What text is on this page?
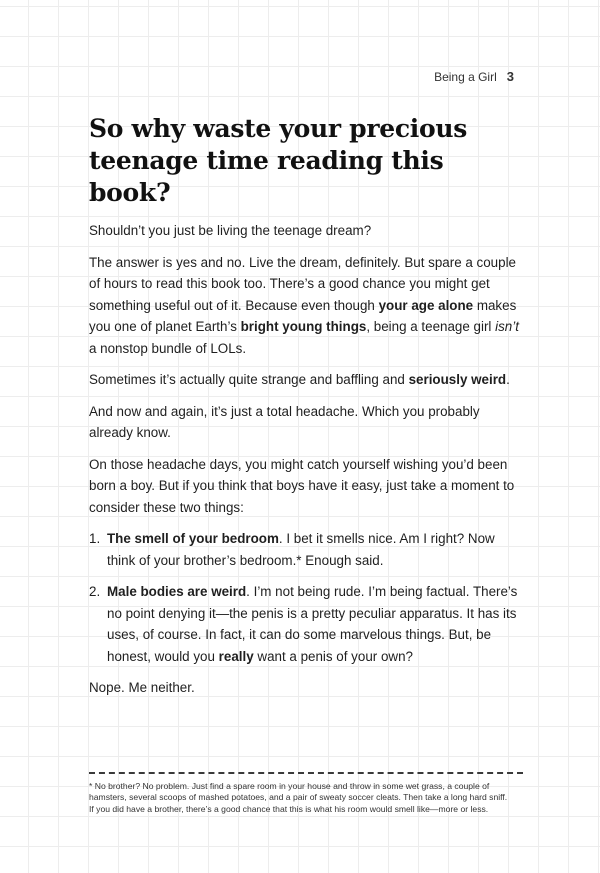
Being a Girl 3
So why waste your precious teenage time reading this book?

Shouldn’t you just be living the teenage dream?

The answer is yes and no. Live the dream, definitely. But spare a couple of hours to read this book too. There’s a good chance you might get something useful out of it. Because even though your age alone makes you one of planet Earth’s bright young things, being a teenage girl isn’t a nonstop bundle of LOLs.

Sometimes it’s actually quite strange and baffling and seriously weird.

And now and again, it’s just a total headache. Which you probably already know.

On those headache days, you might catch yourself wishing you’d been born a boy. But if you think that boys have it easy, just take a moment to consider these two things:

1. The smell of your bedroom. I bet it smells nice. Am I right? Now think of your brother’s bedroom.* Enough said.
2. Male bodies are weird. I’m not being rude. I’m being factual. There’s no point denying it—the penis is a pretty peculiar apparatus. It has its uses, of course. In fact, it can do some marvelous things. But, be honest, would you really want a penis of your own?

Nope. Me neither.

* No brother? No problem. Just find a spare room in your house and throw in some wet grass, a couple of hamsters, several scoops of mashed potatoes, and a pair of sweaty soccer cleats. Then take a long hard sniff. If you did have a brother, there’s a good chance that this is what his room would smell like—more or less.
